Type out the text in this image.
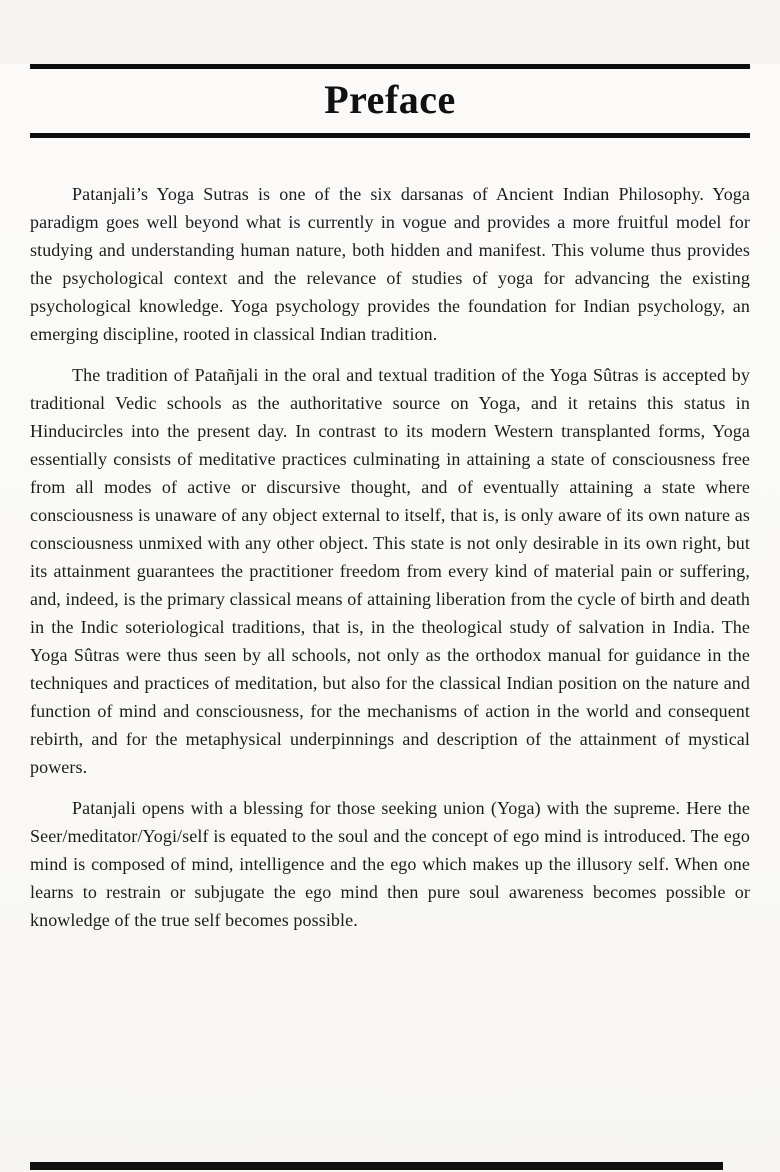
Preface

Patanjali’s Yoga Sutras is one of the six darsanas of Ancient Indian Philosophy. Yoga paradigm goes well beyond what is currently in vogue and provides a more fruitful model for studying and understanding human nature, both hidden and manifest. This volume thus provides the psychological context and the relevance of studies of yoga for advancing the existing psychological knowledge. Yoga psychology provides the foundation for Indian psychology, an emerging discipline, rooted in classical Indian tradition.

The tradition of Patañjali in the oral and textual tradition of the Yoga Sûtras is accepted by traditional Vedic schools as the authoritative source on Yoga, and it retains this status in Hinducircles into the present day. In contrast to its modern Western transplanted forms, Yoga essentially consists of meditative practices culminating in attaining a state of consciousness free from all modes of active or discursive thought, and of eventually attaining a state where consciousness is unaware of any object external to itself, that is, is only aware of its own nature as consciousness unmixed with any other object. This state is not only desirable in its own right, but its attainment guarantees the practitioner freedom from every kind of material pain or suffering, and, indeed, is the primary classical means of attaining liberation from the cycle of birth and death in the Indic soteriological traditions, that is, in the theological study of salvation in India. The Yoga Sûtras were thus seen by all schools, not only as the orthodox manual for guidance in the techniques and practices of meditation, but also for the classical Indian position on the nature and function of mind and consciousness, for the mechanisms of action in the world and consequent rebirth, and for the metaphysical underpinnings and description of the attainment of mystical powers.

Patanjali opens with a blessing for those seeking union (Yoga) with the supreme. Here the Seer/meditator/Yogi/self is equated to the soul and the concept of ego mind is introduced. The ego mind is composed of mind, intelligence and the ego which makes up the illusory self. When one learns to restrain or subjugate the ego mind then pure soul awareness becomes possible or knowledge of the true self becomes possible.
